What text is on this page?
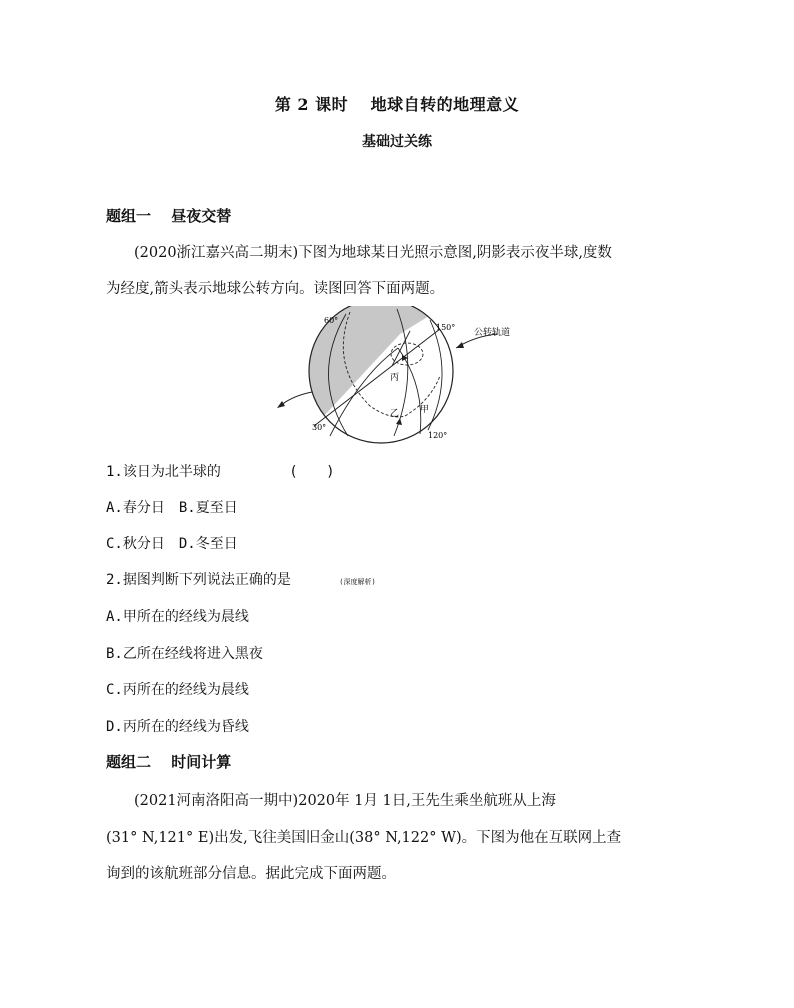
第 2 课时　 地球自转的地理意义
基础过关练
题组一　 昼夜交替
(2020浙江嘉兴高二期末)下图为地球某日光照示意图,阴影表示夜半球,度数
为经度,箭头表示地球公转方向。读图回答下面两题。
60°
150°
30°
120°
公转轨道
丙
乙 甲
1.该日为北半球的	(　 )
A.春分日　B.夏至日
C.秋分日　D.冬至日
2.据图判断下列说法正确的是	(深度解析)
A.甲所在的经线为晨线
B.乙所在经线将进入黑夜
C.丙所在的经线为晨线
D.丙所在的经线为昏线
题组二　 时间计算
(2021河南洛阳高一期中)2020年 1月 1日,王先生乘坐航班从上海
(31° N,121° E)出发,飞往美国旧金山(38° N,122° W)。下图为他在互联网上查
询到的该航班部分信息。据此完成下面两题。
